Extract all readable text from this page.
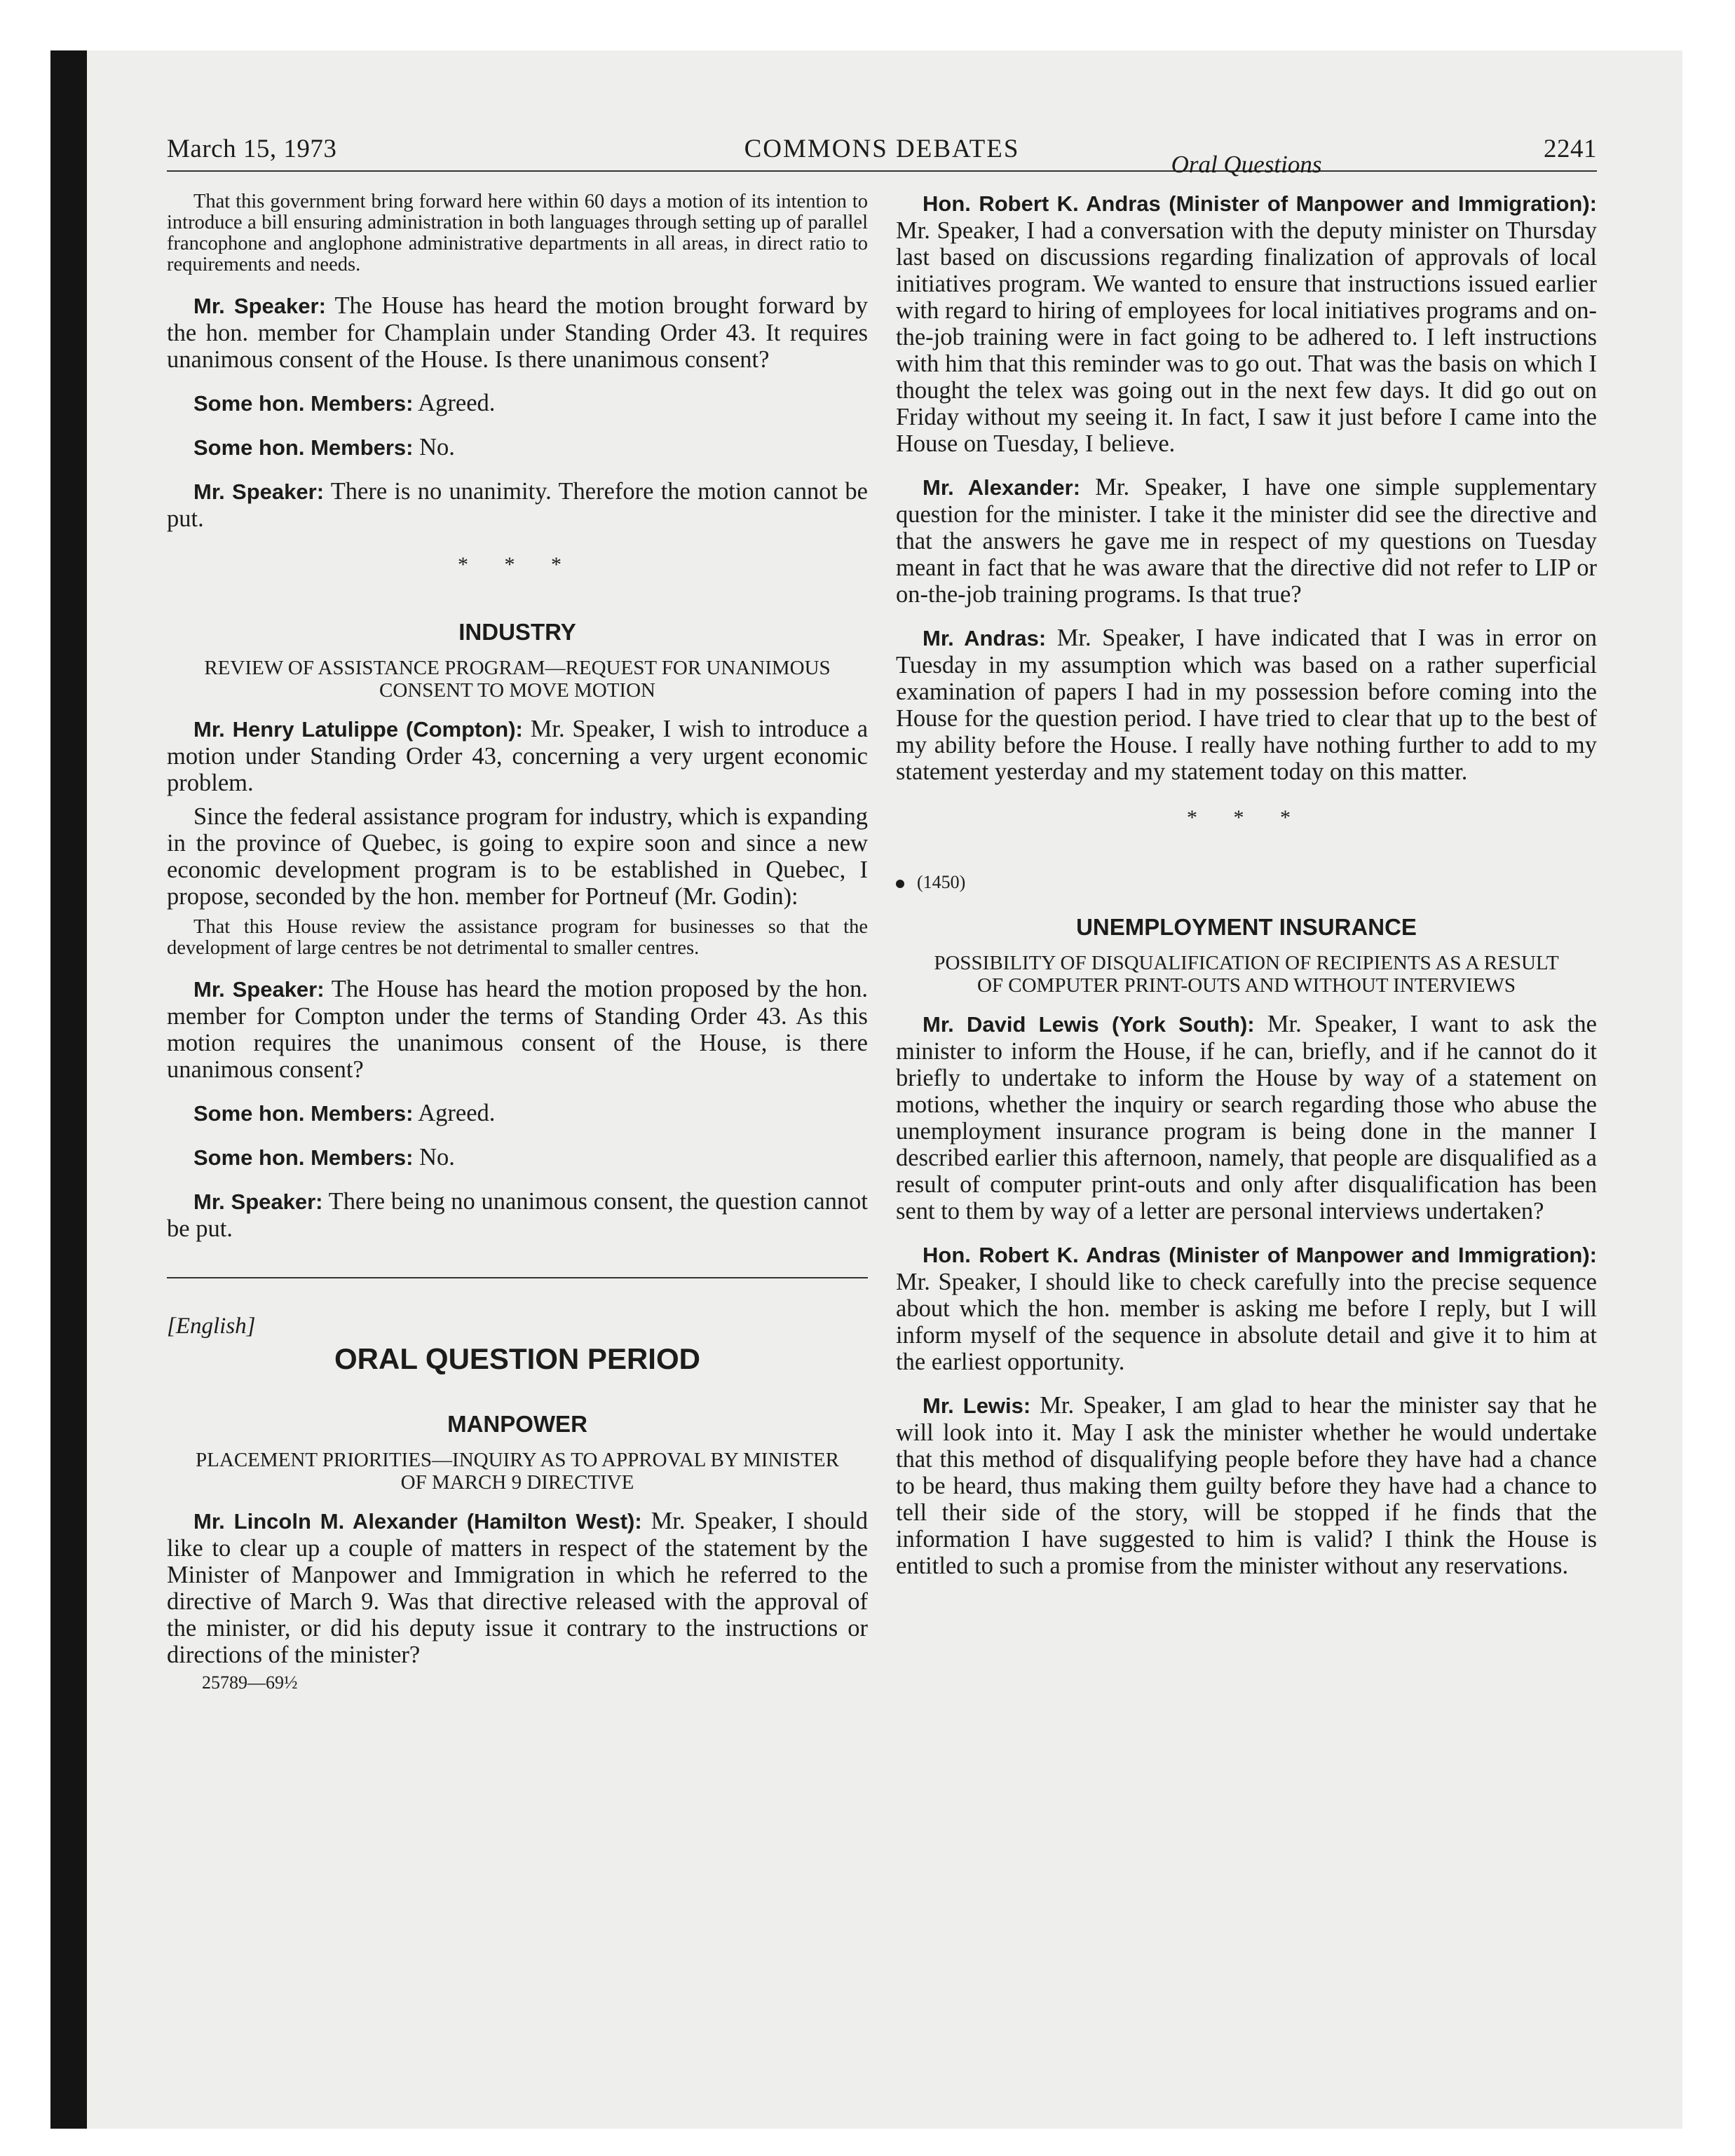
COMMONS DEBATES
March 15, 1973	2241

That this government bring forward here within 60 days a motion of its intention to introduce a bill ensuring administration in both languages through setting up of parallel francophone and anglophone administrative departments in all areas, in direct ratio to requirements and needs.

Mr. Speaker: The House has heard the motion brought forward by the hon. member for Champlain under Standing Order 43. It requires unanimous consent of the House. Is there unanimous consent?

Some hon. Members: Agreed.

Some hon. Members: No.

Mr. Speaker: There is no unanimity. Therefore the motion cannot be put.

* * *
INDUSTRY
REVIEW OF ASSISTANCE PROGRAM—REQUEST FOR UNANIMOUS CONSENT TO MOVE MOTION

Mr. Henry Latulippe (Compton): Mr. Speaker, I wish to introduce a motion under Standing Order 43, concerning a very urgent economic problem.

Since the federal assistance program for industry, which is expanding in the province of Quebec, is going to expire soon and since a new economic development program is to be established in Quebec, I propose, seconded by the hon. member for Portneuf (Mr. Godin):

That this House review the assistance program for businesses so that the development of large centres be not detrimental to smaller centres.

Mr. Speaker: The House has heard the motion proposed by the hon. member for Compton under the terms of Standing Order 43. As this motion requires the unanimous consent of the House, is there unanimous consent?

Some hon. Members: Agreed.

Some hon. Members: No.

Mr. Speaker: There being no unanimous consent, the question cannot be put.

[English]

ORAL QUESTION PERIOD
MANPOWER
PLACEMENT PRIORITIES—INQUIRY AS TO APPROVAL BY MINISTER OF MARCH 9 DIRECTIVE

Mr. Lincoln M. Alexander (Hamilton West): Mr. Speaker, I should like to clear up a couple of matters in respect of the statement by the Minister of Manpower and Immigration in which he referred to the directive of March 9. Was that directive released with the approval of the minister, or did his deputy issue it contrary to the instructions or directions of the minister?

25789—69½

Oral Questions

Hon. Robert K. Andras (Minister of Manpower and Immigration): Mr. Speaker, I had a conversation with the deputy minister on Thursday last based on discussions regarding finalization of approvals of local initiatives program. We wanted to ensure that instructions issued earlier with regard to hiring of employees for local initiatives programs and on-the-job training were in fact going to be adhered to. I left instructions with him that this reminder was to go out. That was the basis on which I thought the telex was going out in the next few days. It did go out on Friday without my seeing it. In fact, I saw it just before I came into the House on Tuesday, I believe.

Mr. Alexander: Mr. Speaker, I have one simple supplementary question for the minister. I take it the minister did see the directive and that the answers he gave me in respect of my questions on Tuesday meant in fact that he was aware that the directive did not refer to LIP or on-the-job training programs. Is that true?

Mr. Andras: Mr. Speaker, I have indicated that I was in error on Tuesday in my assumption which was based on a rather superficial examination of papers I had in my possession before coming into the House for the question period. I have tried to clear that up to the best of my ability before the House. I really have nothing further to add to my statement yesterday and my statement today on this matter.

* * *

(1450)

UNEMPLOYMENT INSURANCE
POSSIBILITY OF DISQUALIFICATION OF RECIPIENTS AS A RESULT OF COMPUTER PRINT-OUTS AND WITHOUT INTERVIEWS

Mr. David Lewis (York South): Mr. Speaker, I want to ask the minister to inform the House, if he can, briefly, and if he cannot do it briefly to undertake to inform the House by way of a statement on motions, whether the inquiry or search regarding those who abuse the unemployment insurance program is being done in the manner I described earlier this afternoon, namely, that people are disqualified as a result of computer print-outs and only after disqualification has been sent to them by way of a letter are personal interviews undertaken?

Hon. Robert K. Andras (Minister of Manpower and Immigration): Mr. Speaker, I should like to check carefully into the precise sequence about which the hon. member is asking me before I reply, but I will inform myself of the sequence in absolute detail and give it to him at the earliest opportunity.

Mr. Lewis: Mr. Speaker, I am glad to hear the minister say that he will look into it. May I ask the minister whether he would undertake that this method of disqualifying people before they have had a chance to be heard, thus making them guilty before they have had a chance to tell their side of the story, will be stopped if he finds that the information I have suggested to him is valid? I think the House is entitled to such a promise from the minister without any reservations.
